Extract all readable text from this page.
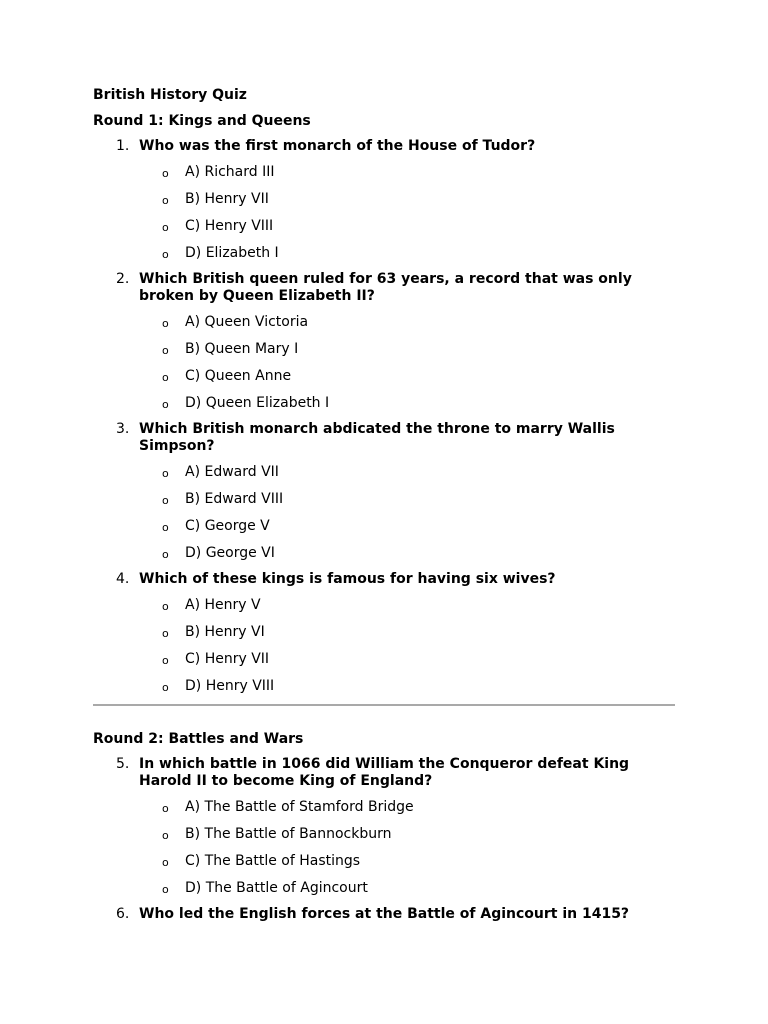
British History Quiz

Round 1: Kings and Queens

1. Who was the first monarch of the House of Tudor?
o A) Richard III
o B) Henry VII
o C) Henry VIII
o D) Elizabeth I
2. Which British queen ruled for 63 years, a record that was only broken by Queen Elizabeth II?
o A) Queen Victoria
o B) Queen Mary I
o C) Queen Anne
o D) Queen Elizabeth I
3. Which British monarch abdicated the throne to marry Wallis Simpson?
o A) Edward VII
o B) Edward VIII
o C) George V
o D) George VI
4. Which of these kings is famous for having six wives?
o A) Henry V
o B) Henry VI
o C) Henry VII
o D) Henry VIII

Round 2: Battles and Wars

5. In which battle in 1066 did William the Conqueror defeat King Harold II to become King of England?
o A) The Battle of Stamford Bridge
o B) The Battle of Bannockburn
o C) The Battle of Hastings
o D) The Battle of Agincourt
6. Who led the English forces at the Battle of Agincourt in 1415?
